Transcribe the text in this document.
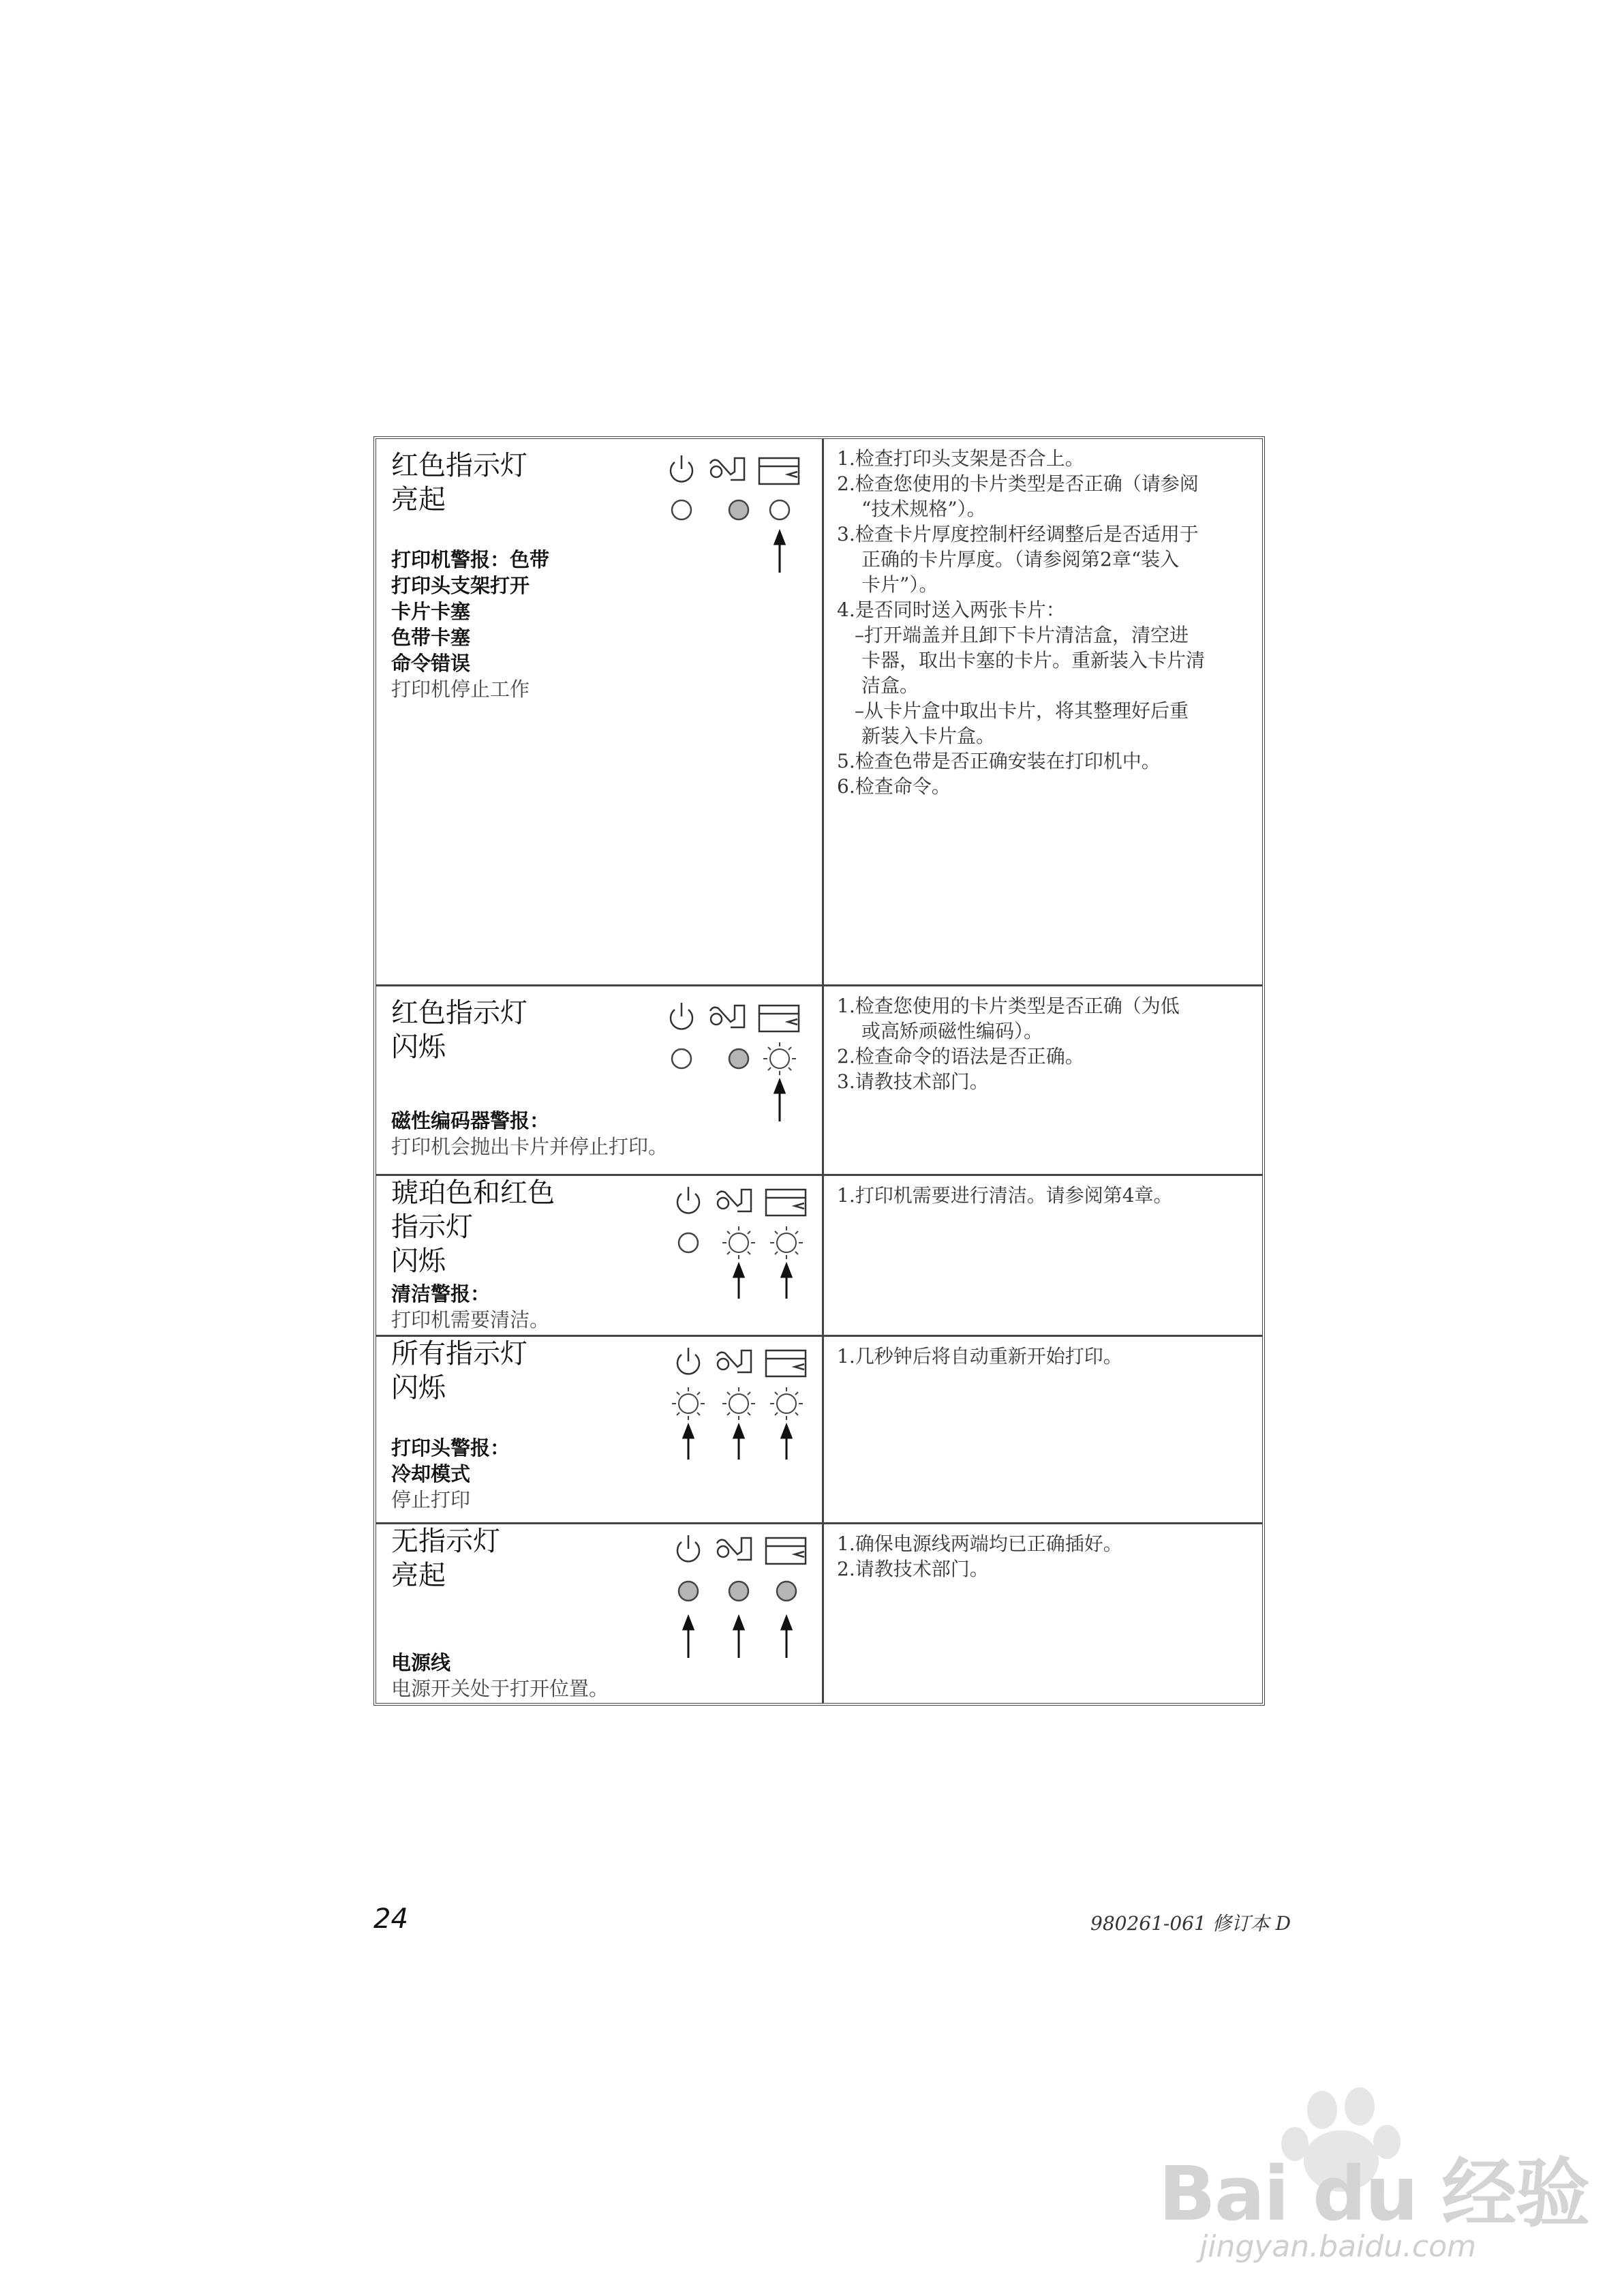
红色指示灯
亮起
打印机警报：色带
打印头支架打开
卡片卡塞
色带卡塞
命令错误
打印机停止工作
1.检查打印头支架是否合上。
2.检查您使用的卡片类型是否正确（请参阅
“技术规格”）。
3.检查卡片厚度控制杆经调整后是否适用于
正确的卡片厚度。（请参阅第2章“装入
卡片”）。
4.是否同时送入两张卡片：
–打开端盖并且卸下卡片清洁盒，清空进
卡器，取出卡塞的卡片。重新装入卡片清
洁盒。
–从卡片盒中取出卡片，将其整理好后重
新装入卡片盒。
5.检查色带是否正确安装在打印机中。
6.检查命令。
红色指示灯
闪烁
磁性编码器警报：
打印机会抛出卡片并停止打印。
1.检查您使用的卡片类型是否正确（为低
或高矫顽磁性编码）。
2.检查命令的语法是否正确。
3.请教技术部门。
琥珀色和红色
指示灯
闪烁
清洁警报：
打印机需要清洁。
1.打印机需要进行清洁。请参阅第4章。
所有指示灯
闪烁
打印头警报：
冷却模式
停止打印
1.几秒钟后将自动重新开始打印。
无指示灯
亮起
电源线
电源开关处于打开位置。
1.确保电源线两端均已正确插好。
2.请教技术部门。
24	980261-061 修订本 D
Bai du 经验
jingyan.baidu.com
